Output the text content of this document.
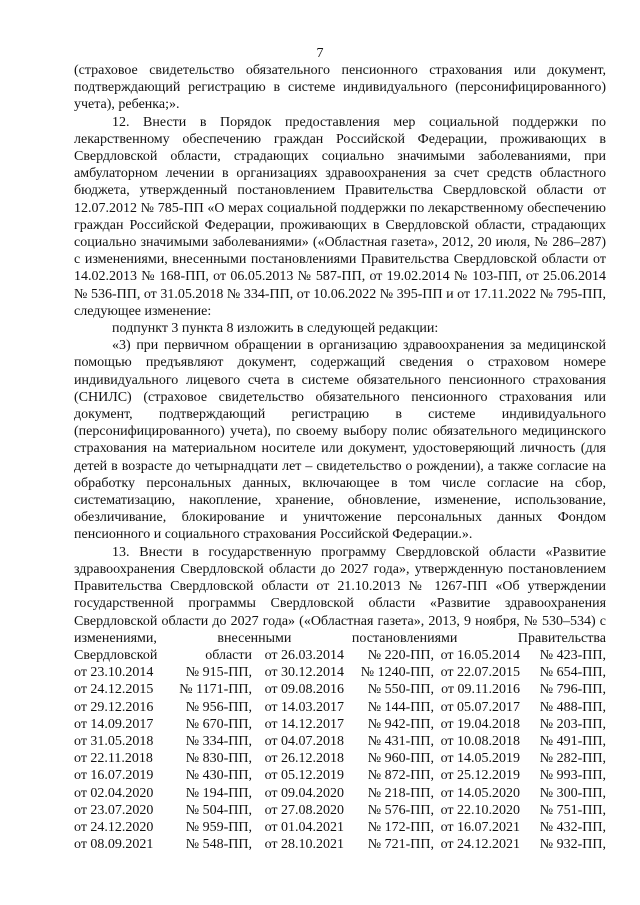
7

(страховое свидетельство обязательного пенсионного страхования или документ, подтверждающий регистрацию в системе индивидуального (персонифицированного) учета), ребенка;».

12. Внести в Порядок предоставления мер социальной поддержки по лекарственному обеспечению граждан Российской Федерации, проживающих в Свердловской области, страдающих социально значимыми заболеваниями, при амбулаторном лечении в организациях здравоохранения за счет средств областного бюджета, утвержденный постановлением Правительства Свердловской области от 12.07.2012 № 785-ПП «О мерах социальной поддержки по лекарственному обеспечению граждан Российской Федерации, проживающих в Свердловской области, страдающих социально значимыми заболеваниями» («Областная газета», 2012, 20 июля, № 286–287) с изменениями, внесенными постановлениями Правительства Свердловской области от 14.02.2013 № 168-ПП, от 06.05.2013 № 587-ПП, от 19.02.2014 № 103-ПП, от 25.06.2014 № 536-ПП, от 31.05.2018 № 334-ПП, от 10.06.2022 № 395-ПП и от 17.11.2022 № 795-ПП, следующее изменение:

подпункт 3 пункта 8 изложить в следующей редакции:

«3) при первичном обращении в организацию здравоохранения за медицинской помощью предъявляют документ, содержащий сведения о страховом номере индивидуального лицевого счета в системе обязательного пенсионного страхования (СНИЛС) (страховое свидетельство обязательного пенсионного страхования или документ, подтверждающий регистрацию в системе индивидуального (персонифицированного) учета), по своему выбору полис обязательного медицинского страхования на материальном носителе или документ, удостоверяющий личность (для детей в возрасте до четырнадцати лет – свидетельство о рождении), а также согласие на обработку персональных данных, включающее в том числе согласие на сбор, систематизацию, накопление, хранение, обновление, изменение, использование, обезличивание, блокирование и уничтожение персональных данных Фондом пенсионного и социального страхования Российской Федерации.».

13. Внести в государственную программу Свердловской области «Развитие здравоохранения Свердловской области до 2027 года», утвержденную постановлением Правительства Свердловской области от 21.10.2013 № 1267-ПП «Об утверждении государственной программы Свердловской области «Развитие здравоохранения Свердловской области до 2027 года» («Областная газета», 2013, 9 ноября, № 530–534) с изменениями, внесенными постановлениями Правительства

Свердловской	области	от 26.03.2014	№ 220-ПП,	от 16.05.2014	№ 423-ПП,
от 23.10.2014	№ 915-ПП,	от 30.12.2014	№ 1240-ПП,	от 22.07.2015	№ 654-ПП,
от 24.12.2015	№ 1171-ПП,	от 09.08.2016	№ 550-ПП,	от 09.11.2016	№ 796-ПП,
от 29.12.2016	№ 956-ПП,	от 14.03.2017	№ 144-ПП,	от 05.07.2017	№ 488-ПП,
от 14.09.2017	№ 670-ПП,	от 14.12.2017	№ 942-ПП,	от 19.04.2018	№ 203-ПП,
от 31.05.2018	№ 334-ПП,	от 04.07.2018	№ 431-ПП,	от 10.08.2018	№ 491-ПП,
от 22.11.2018	№ 830-ПП,	от 26.12.2018	№ 960-ПП,	от 14.05.2019	№ 282-ПП,
от 16.07.2019	№ 430-ПП,	от 05.12.2019	№ 872-ПП,	от 25.12.2019	№ 993-ПП,
от 02.04.2020	№ 194-ПП,	от 09.04.2020	№ 218-ПП,	от 14.05.2020	№ 300-ПП,
от 23.07.2020	№ 504-ПП,	от 27.08.2020	№ 576-ПП,	от 22.10.2020	№ 751-ПП,
от 24.12.2020	№ 959-ПП,	от 01.04.2021	№ 172-ПП,	от 16.07.2021	№ 432-ПП,
от 08.09.2021	№ 548-ПП,	от 28.10.2021	№ 721-ПП,	от 24.12.2021	№ 932-ПП,
